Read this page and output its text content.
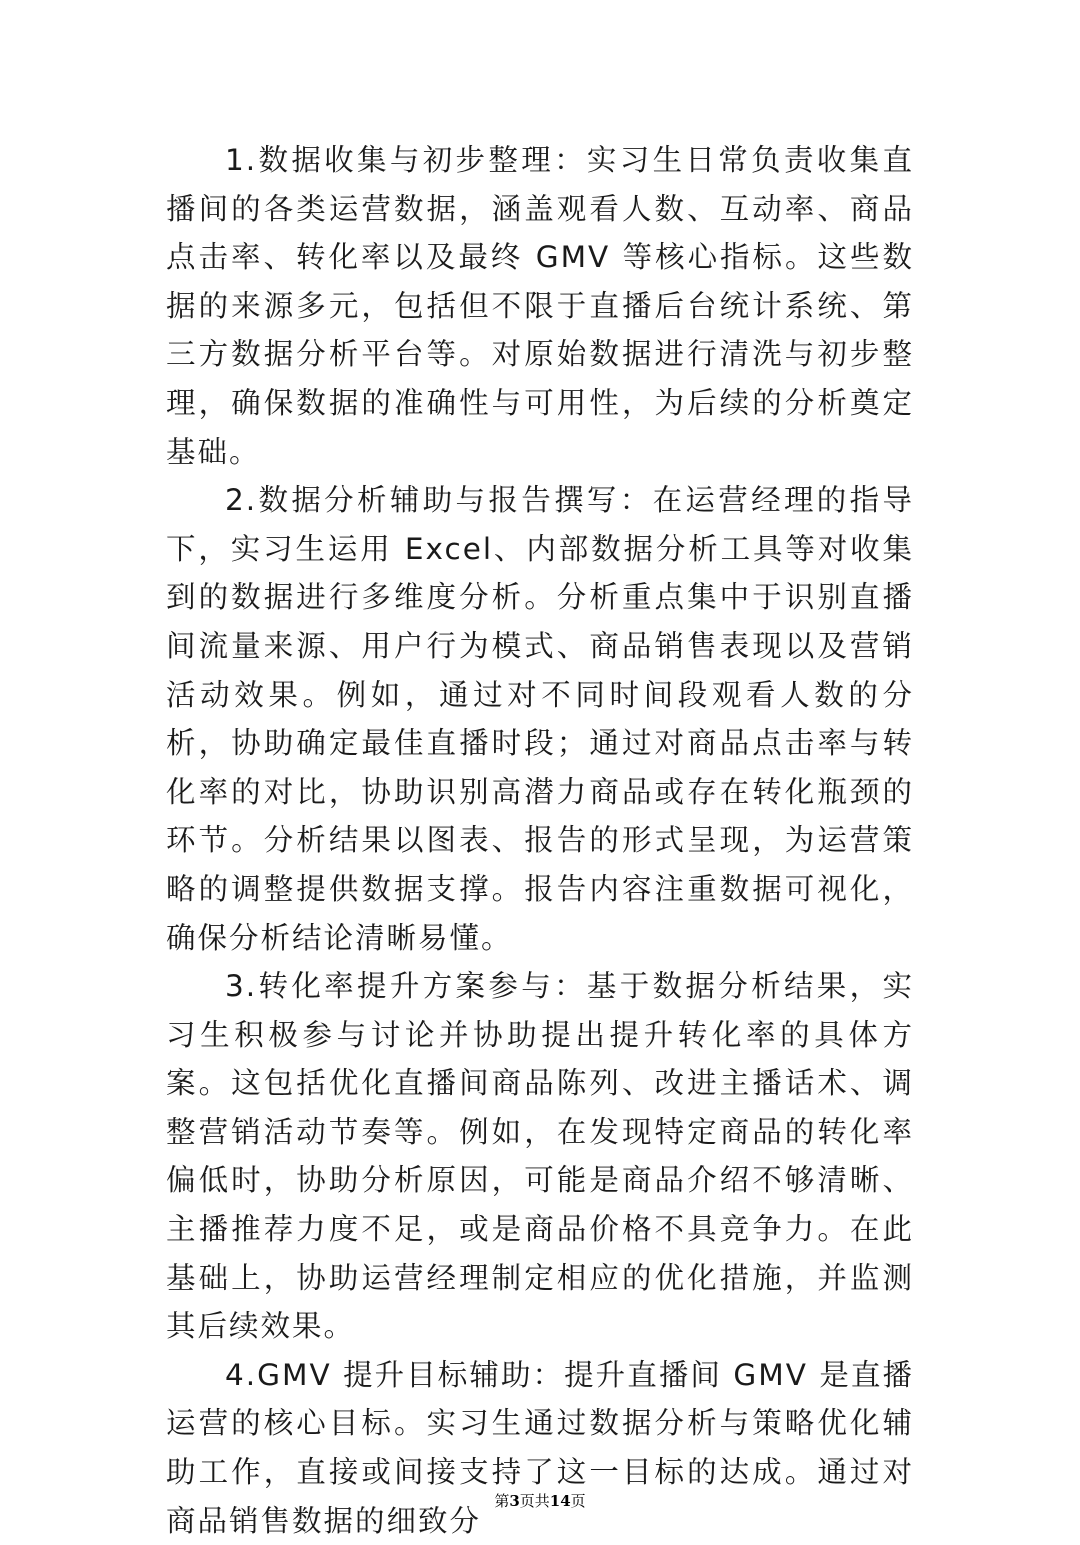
1.数据收集与初步整理：实习生日常负责收集直播间的各类运营数据，涵盖观看人数、互动率、商品点击率、转化率以及最终 GMV 等核心指标。这些数据的来源多元，包括但不限于直播后台统计系统、第三方数据分析平台等。对原始数据进行清洗与初步整理，确保数据的准确性与可用性，为后续的分析奠定基础。

2.数据分析辅助与报告撰写：在运营经理的指导下，实习生运用 Excel、内部数据分析工具等对收集到的数据进行多维度分析。分析重点集中于识别直播间流量来源、用户行为模式、商品销售表现以及营销活动效果。例如，通过对不同时间段观看人数的分析，协助确定最佳直播时段；通过对商品点击率与转化率的对比，协助识别高潜力商品或存在转化瓶颈的环节。分析结果以图表、报告的形式呈现，为运营策略的调整提供数据支撑。报告内容注重数据可视化，确保分析结论清晰易懂。

3.转化率提升方案参与：基于数据分析结果，实习生积极参与讨论并协助提出提升转化率的具体方案。这包括优化直播间商品陈列、改进主播话术、调整营销活动节奏等。例如，在发现特定商品的转化率偏低时，协助分析原因，可能是商品介绍不够清晰、主播推荐力度不足，或是商品价格不具竞争力。在此基础上，协助运营经理制定相应的优化措施，并监测其后续效果。

4.GMV 提升目标辅助：提升直播间 GMV 是直播运营的核心目标。实习生通过数据分析与策略优化辅助工作，直接或间接支持了这一目标的达成。通过对商品销售数据的细致分

第3页共14页
